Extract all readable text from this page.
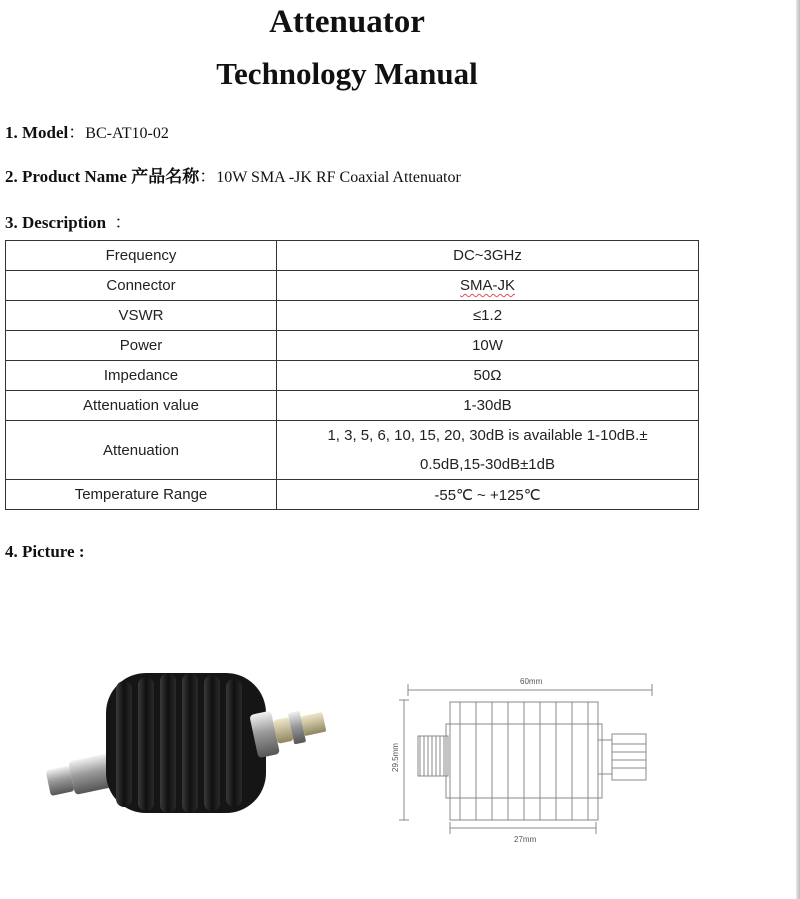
Attenuator
Technology Manual
1. Model：BC-AT10-02
2. Product Name 产品名称：10W SMA -JK RF Coaxial Attenuator
3. Description ：
Frequency	DC~3GHz
Connector	SMA-JK
VSWR	≤1.2
Power	10W
Impedance	50Ω
Attenuation value	1-30dB
Attenuation	1, 3, 5, 6, 10, 15, 20, 30dB is available 1-10dB.±
0.5dB,15-30dB±1dB

Temperature Range	-55℃ ~ +125℃
4. Picture :
60mm
29.5mm
27mm
